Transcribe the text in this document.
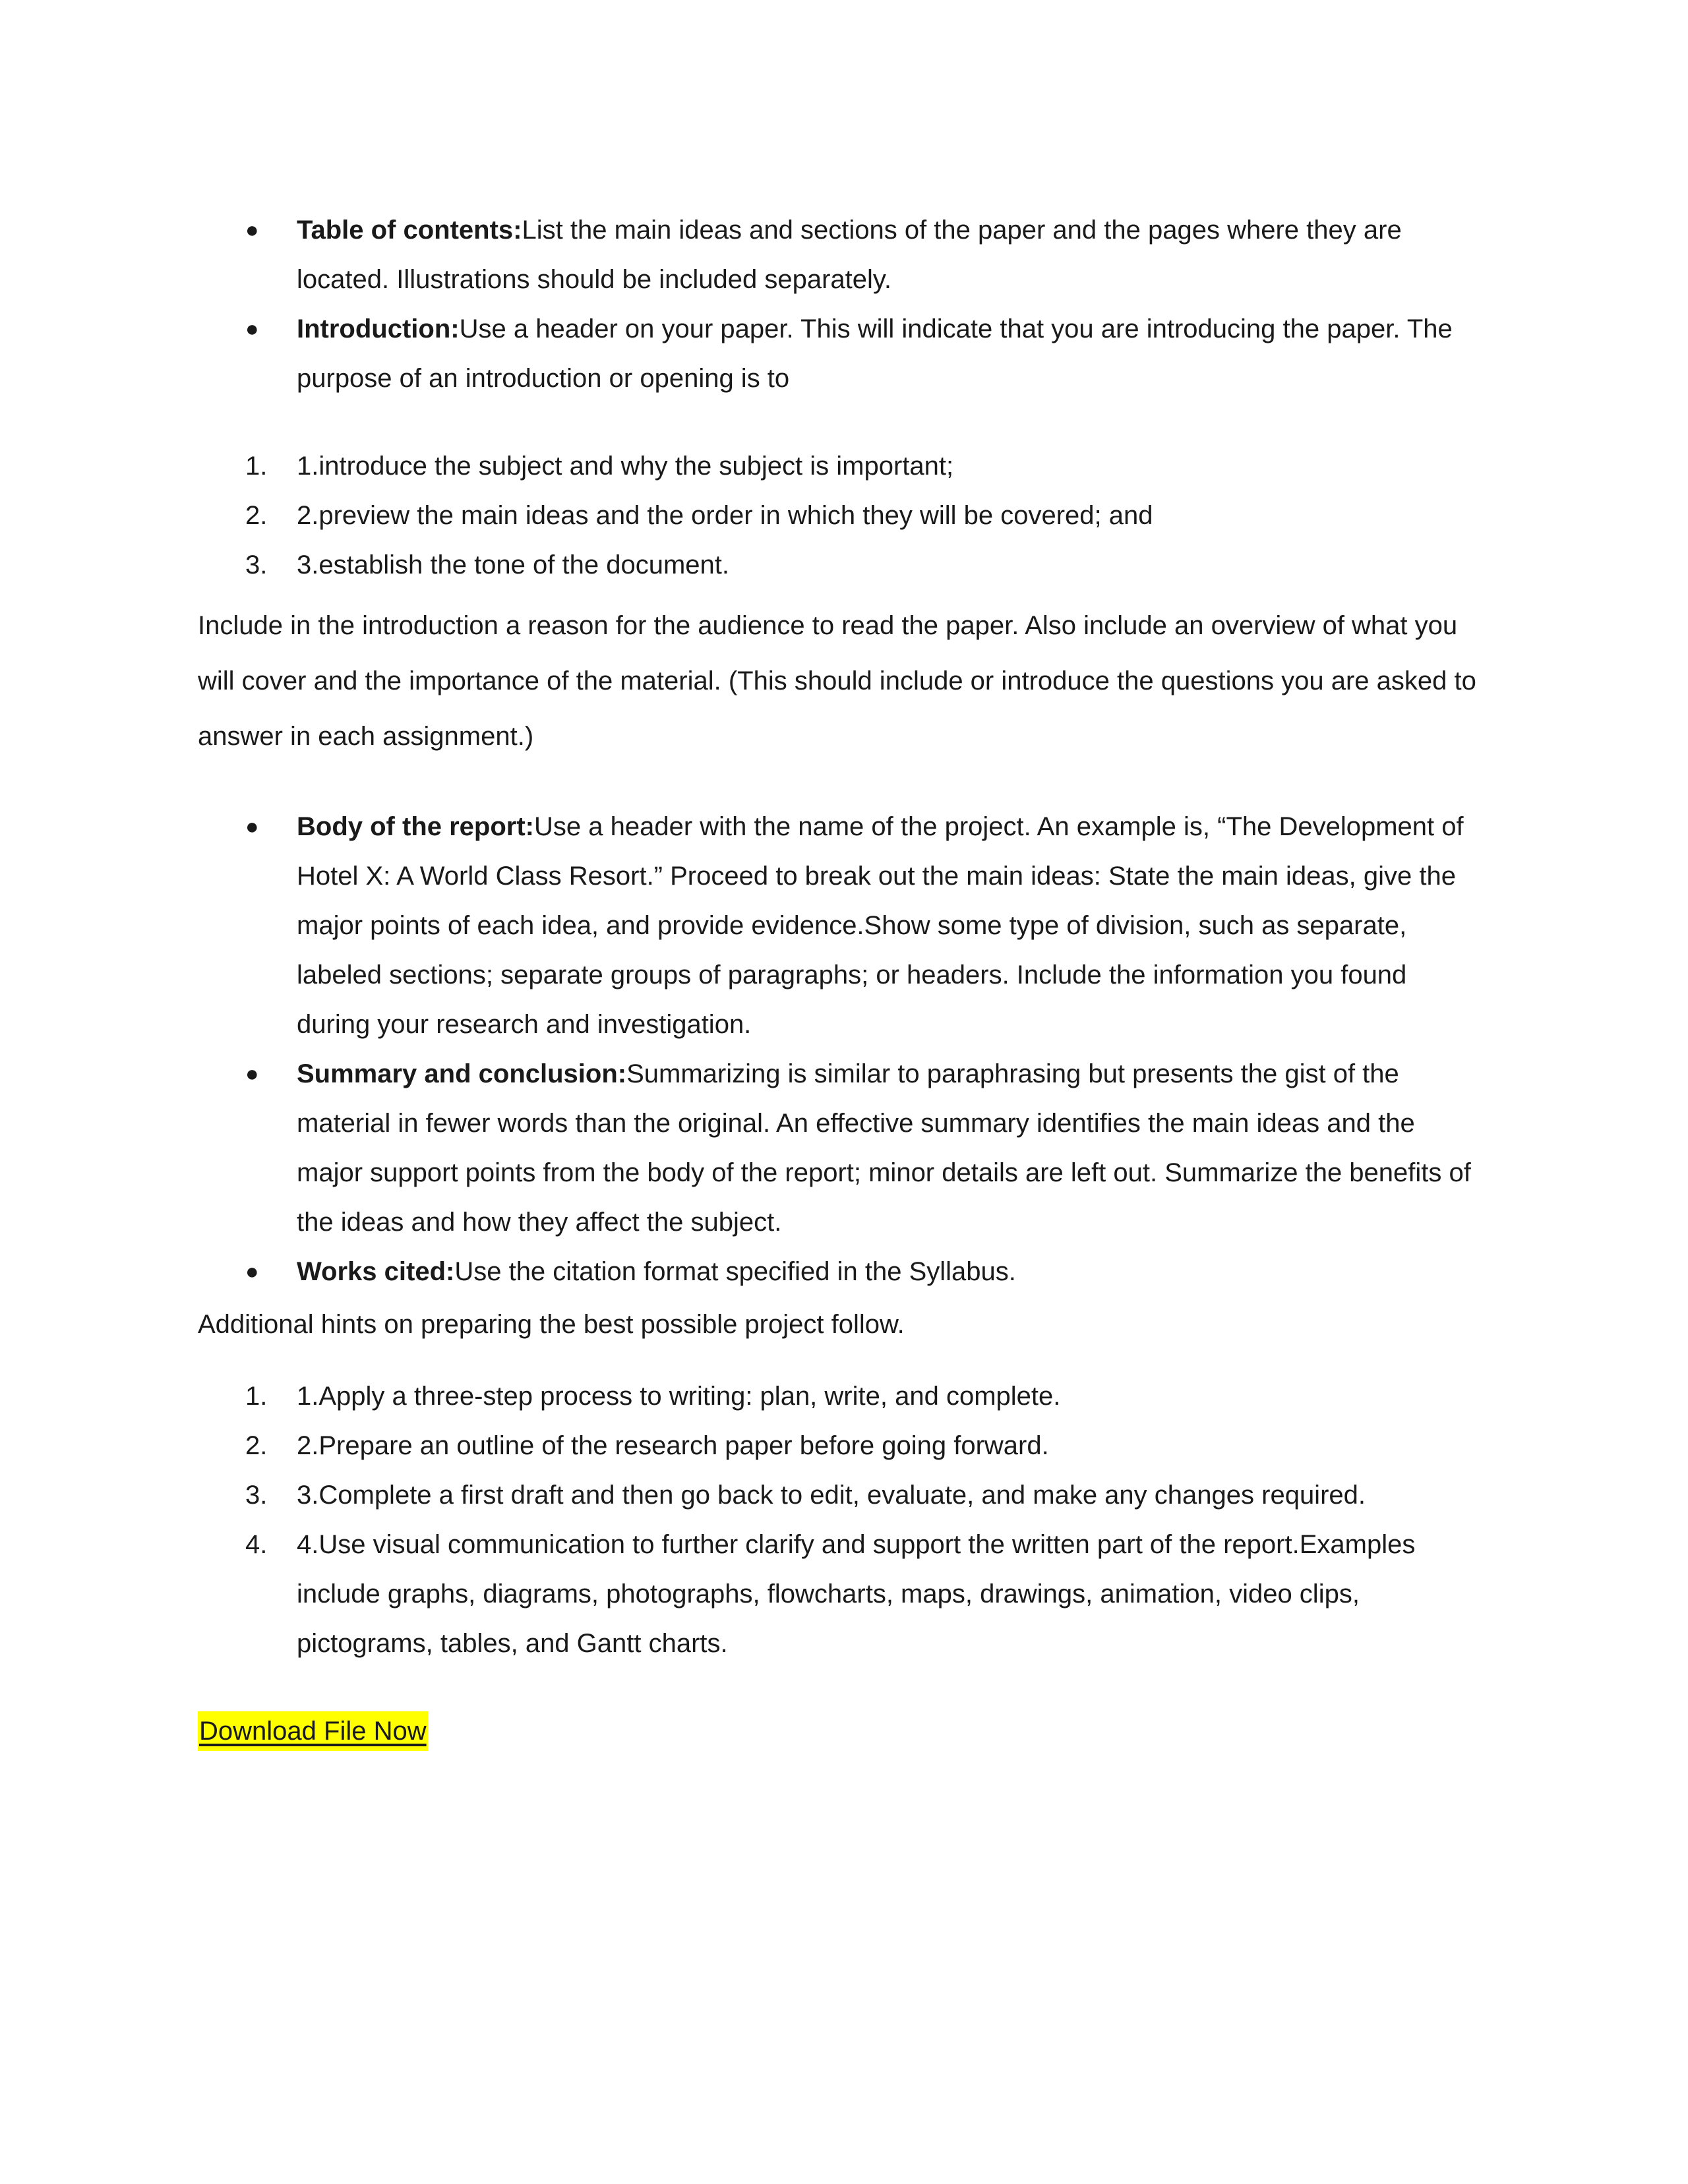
● Table of contents:List the main ideas and sections of the paper and the pages where they are located. Illustrations should be included separately.
● Introduction:Use a header on your paper. This will indicate that you are introducing the paper. The purpose of an introduction or opening is to
1. 1.introduce the subject and why the subject is important;
2. 2.preview the main ideas and the order in which they will be covered; and
3. 3.establish the tone of the document.

Include in the introduction a reason for the audience to read the paper. Also include an overview of what you will cover and the importance of the material. (This should include or introduce the questions you are asked to answer in each assignment.)

● Body of the report:Use a header with the name of the project. An example is, “The Development of Hotel X: A World Class Resort.” Proceed to break out the main ideas: State the main ideas, give the major points of each idea, and provide evidence.Show some type of division, such as separate, labeled sections; separate groups of paragraphs; or headers. Include the information you found during your research and investigation.
● Summary and conclusion:Summarizing is similar to paraphrasing but presents the gist of the material in fewer words than the original. An effective summary identifies the main ideas and the major support points from the body of the report; minor details are left out. Summarize the benefits of the ideas and how they affect the subject.
● Works cited:Use the citation format specified in the Syllabus.

Additional hints on preparing the best possible project follow.

1. 1.Apply a three-step process to writing: plan, write, and complete.
2. 2.Prepare an outline of the research paper before going forward.
3. 3.Complete a first draft and then go back to edit, evaluate, and make any changes required.
4. 4.Use visual communication to further clarify and support the written part of the report.Examples include graphs, diagrams, photographs, flowcharts, maps, drawings, animation, video clips, pictograms, tables, and Gantt charts.
Download File Now
